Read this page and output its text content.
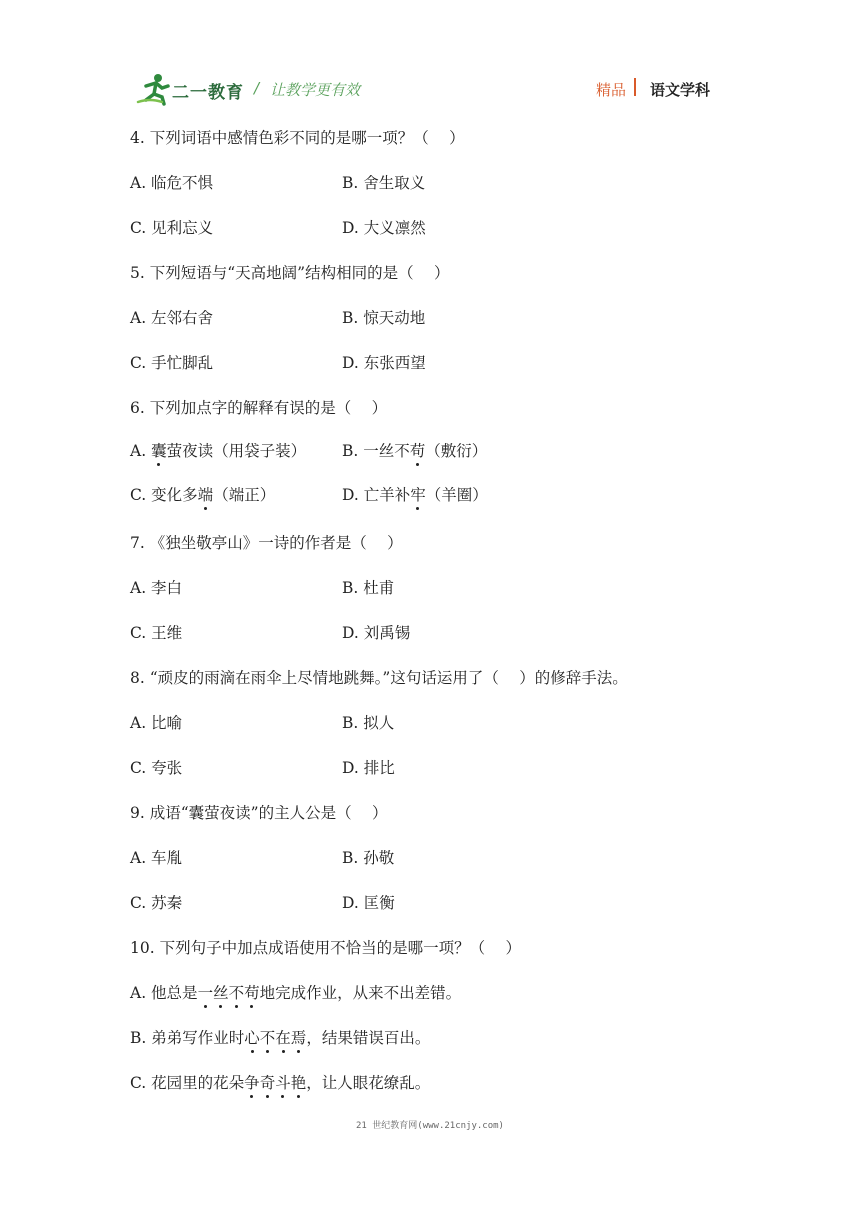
二一教育 / 让教学更有效	精品 语文学科
4. 下列词语中感情色彩不同的是哪一项？（　 ）
A. 临危不惧	B. 舍生取义
C. 见利忘义	D. 大义凛然
5. 下列短语与“天高地阔”结构相同的是（　 ）
A. 左邻右舍	B. 惊天动地
C. 手忙脚乱	D. 东张西望
6. 下列加点字的解释有误的是（　 ）
A. 囊萤夜读（用袋子装） B. 一丝不苟（敷衍）
C. 变化多端（端正）	D. 亡羊补牢（羊圈）
7. 《独坐敬亭山》一诗的作者是（　 ）
A. 李白	B. 杜甫
C. 王维	D. 刘禹锡
8. “顽皮的雨滴在雨伞上尽情地跳舞。”这句话运用了（　 ）的修辞手法。
A. 比喻	B. 拟人
C. 夸张	D. 排比
9. 成语“囊萤夜读”的主人公是（　 ）
A. 车胤	B. 孙敬
C. 苏秦	D. 匡衡
10. 下列句子中加点成语使用不恰当的是哪一项？（　 ）
A. 他总是一丝不苟地完成作业，从来不出差错。
B. 弟弟写作业时心不在焉，结果错误百出。
C. 花园里的花朵争奇斗艳，让人眼花缭乱。
21 世纪教育网(www.21cnjy.com)
